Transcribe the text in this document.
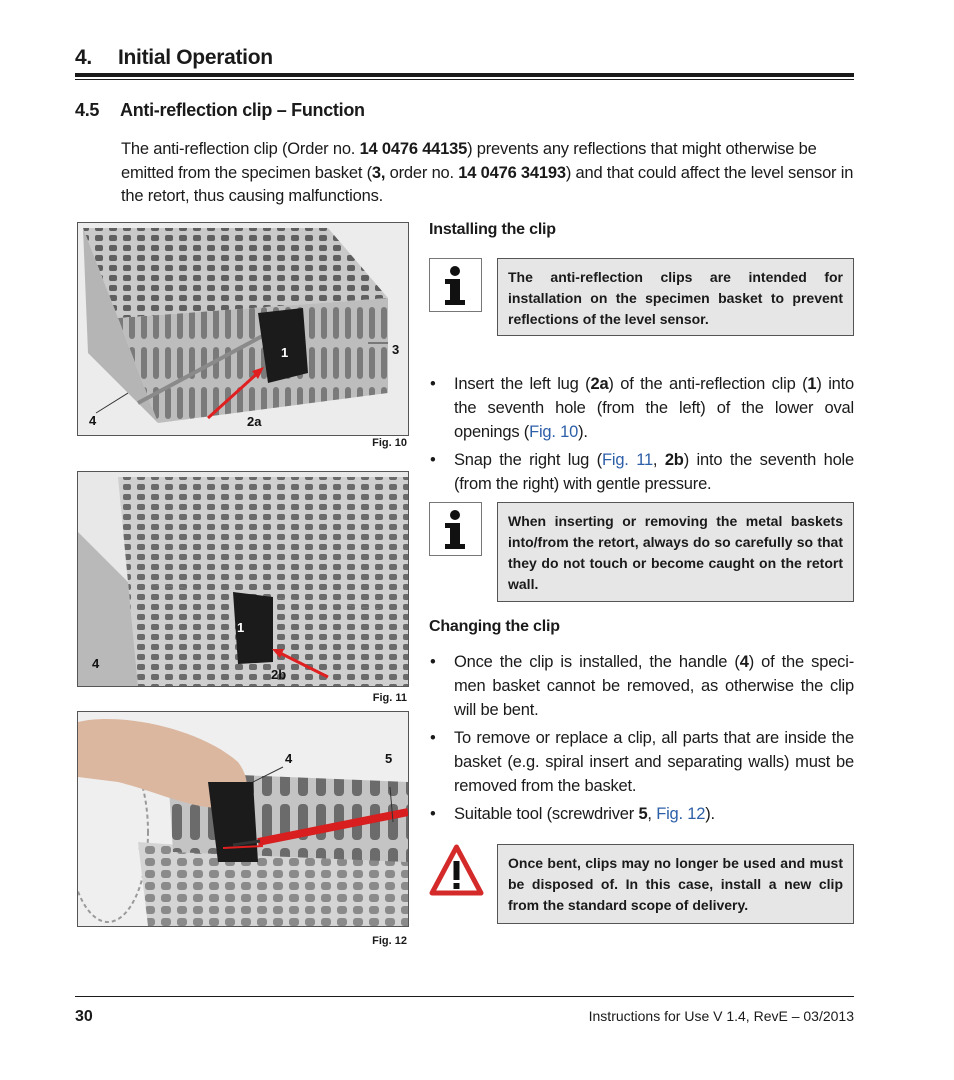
4. Initial Operation
4.5 Anti-reflection clip – Function

The anti-reflection clip (Order no. 14 0476 44135) prevents any reflections that might otherwise be emitted from the specimen basket (3, order no. 14 0476 34193) and that could affect the level sensor in the retort, thus causing malfunctions.

1	3
4	2a
Fig. 10
1
4
2b
Fig. 11
4	5
Fig. 12
Installing the clip
The anti-reflection clips are intended for installation on the specimen basket to prevent reflections of the level sensor.
• Insert the left lug (2a) of the anti-reflection clip (1) into the seventh hole (from the left) of the lower oval openings (Fig. 10).
• Snap the right lug (Fig. 11, 2b) into the seventh hole (from the right) with gentle pressure.
When inserting or removing the metal baskets into/from the retort, always do so carefully so that they do not touch or become caught on the retort wall.
Changing the clip
• Once the clip is installed, the handle (4) of the speci-men basket cannot be removed, as otherwise the clip will be bent.
• To remove or replace a clip, all parts that are inside the basket (e.g. spiral insert and separating walls) must be removed from the basket.
• Suitable tool (screwdriver 5, Fig. 12).
Once bent, clips may no longer be used and must be disposed of. In this case, install a new clip from the standard scope of delivery.
30	Instructions for Use V 1.4, RevE – 03/2013
